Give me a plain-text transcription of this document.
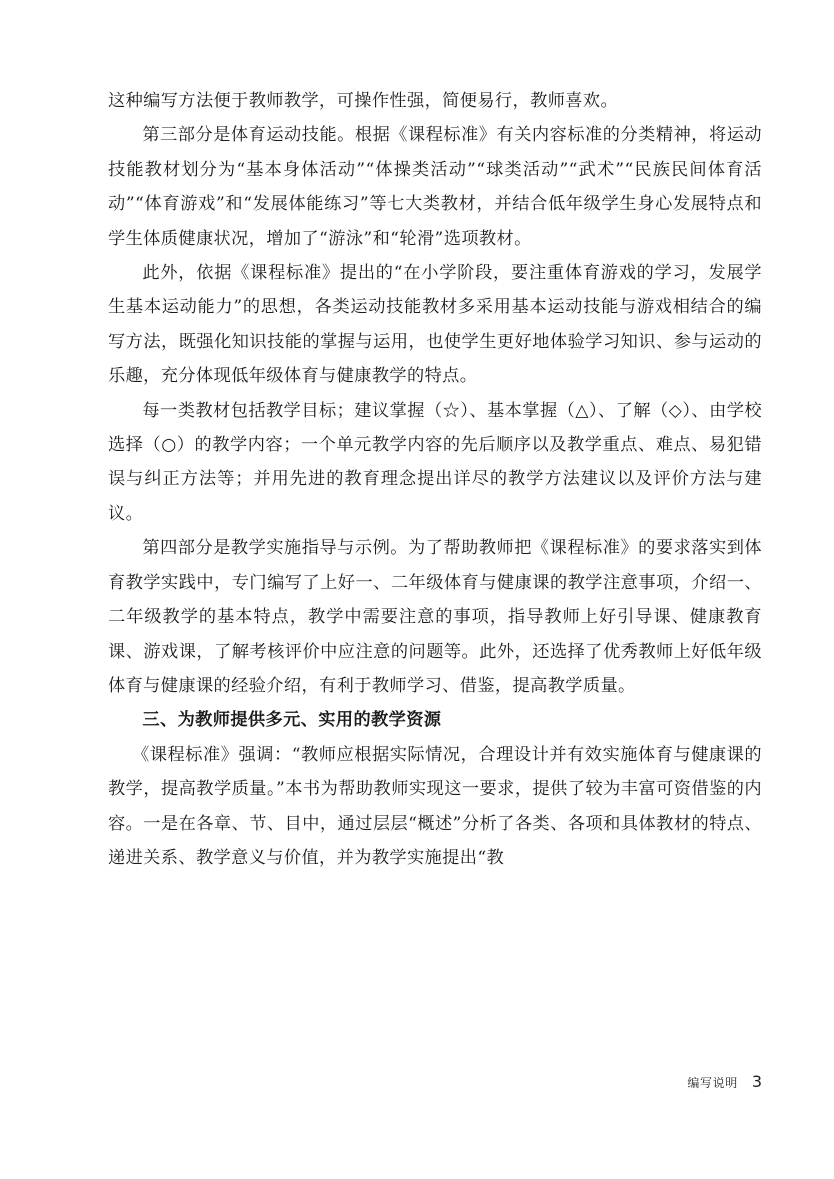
这种编写方法便于教师教学，可操作性强，简便易行，教师喜欢。

第三部分是体育运动技能。根据《课程标准》有关内容标准的分类精神，将运动技能教材划分为“基本身体活动”“体操类活动”“球类活动”“武术”“民族民间体育活动”“体育游戏”和“发展体能练习”等七大类教材，并结合低年级学生身心发展特点和学生体质健康状况，增加了“游泳”和“轮滑”选项教材。

此外，依据《课程标准》提出的“在小学阶段，要注重体育游戏的学习，发展学生基本运动能力”的思想，各类运动技能教材多采用基本运动技能与游戏相结合的编写方法，既强化知识技能的掌握与运用，也使学生更好地体验学习知识、参与运动的乐趣，充分体现低年级体育与健康教学的特点。

每一类教材包括教学目标；建议掌握（☆）、基本掌握（△）、了解（◇）、由学校选择（○）的教学内容；一个单元教学内容的先后顺序以及教学重点、难点、易犯错误与纠正方法等；并用先进的教育理念提出详尽的教学方法建议以及评价方法与建议。

第四部分是教学实施指导与示例。为了帮助教师把《课程标准》的要求落实到体育教学实践中，专门编写了上好一、二年级体育与健康课的教学注意事项，介绍一、二年级教学的基本特点，教学中需要注意的事项，指导教师上好引导课、健康教育课、游戏课，了解考核评价中应注意的问题等。此外，还选择了优秀教师上好低年级体育与健康课的经验介绍，有利于教师学习、借鉴，提高教学质量。

三、为教师提供多元、实用的教学资源

《课程标准》强调：“教师应根据实际情况，合理设计并有效实施体育与健康课的教学，提高教学质量。”本书为帮助教师实现这一要求，提供了较为丰富可资借鉴的内容。一是在各章、节、目中，通过层层“概述”分析了各类、各项和具体教材的特点、递进关系、教学意义与价值，并为教学实施提出“教

编写说明 3
